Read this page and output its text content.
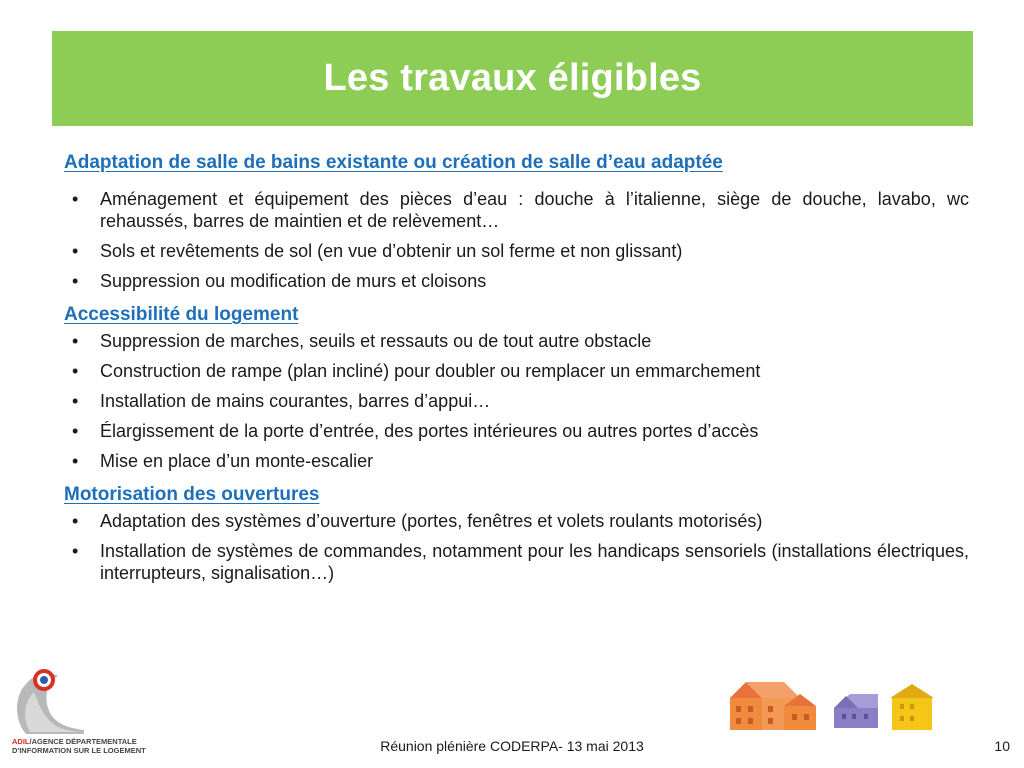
Les travaux éligibles
Adaptation de salle de bains existante ou création de salle d’eau adaptée
• Aménagement et équipement des pièces d’eau : douche à l’italienne, siège de douche, lavabo, wc rehaussés, barres de maintien et de relèvement…
• Sols et revêtements de sol (en vue d’obtenir un sol ferme et non glissant)
• Suppression ou modification de murs et cloisons
Accessibilité du logement
• Suppression de marches, seuils et ressauts ou de tout autre obstacle
• Construction de rampe (plan incliné) pour doubler ou remplacer un emmarchement
• Installation de mains courantes, barres d’appui…
• Élargissement de la porte d’entrée, des portes intérieures ou autres portes d’accès
• Mise en place d’un monte-escalier
Motorisation des ouvertures
• Adaptation des systèmes d’ouverture (portes, fenêtres et volets roulants motorisés)
• Installation de systèmes de commandes, notamment pour les handicaps sensoriels (installations électriques, interrupteurs, signalisation…)
ADIL/AGENCE DÉPARTEMENTALE
D'INFORMATION SUR LE LOGEMENT	Réunion plénière CODERPA- 13 mai 2013	10
